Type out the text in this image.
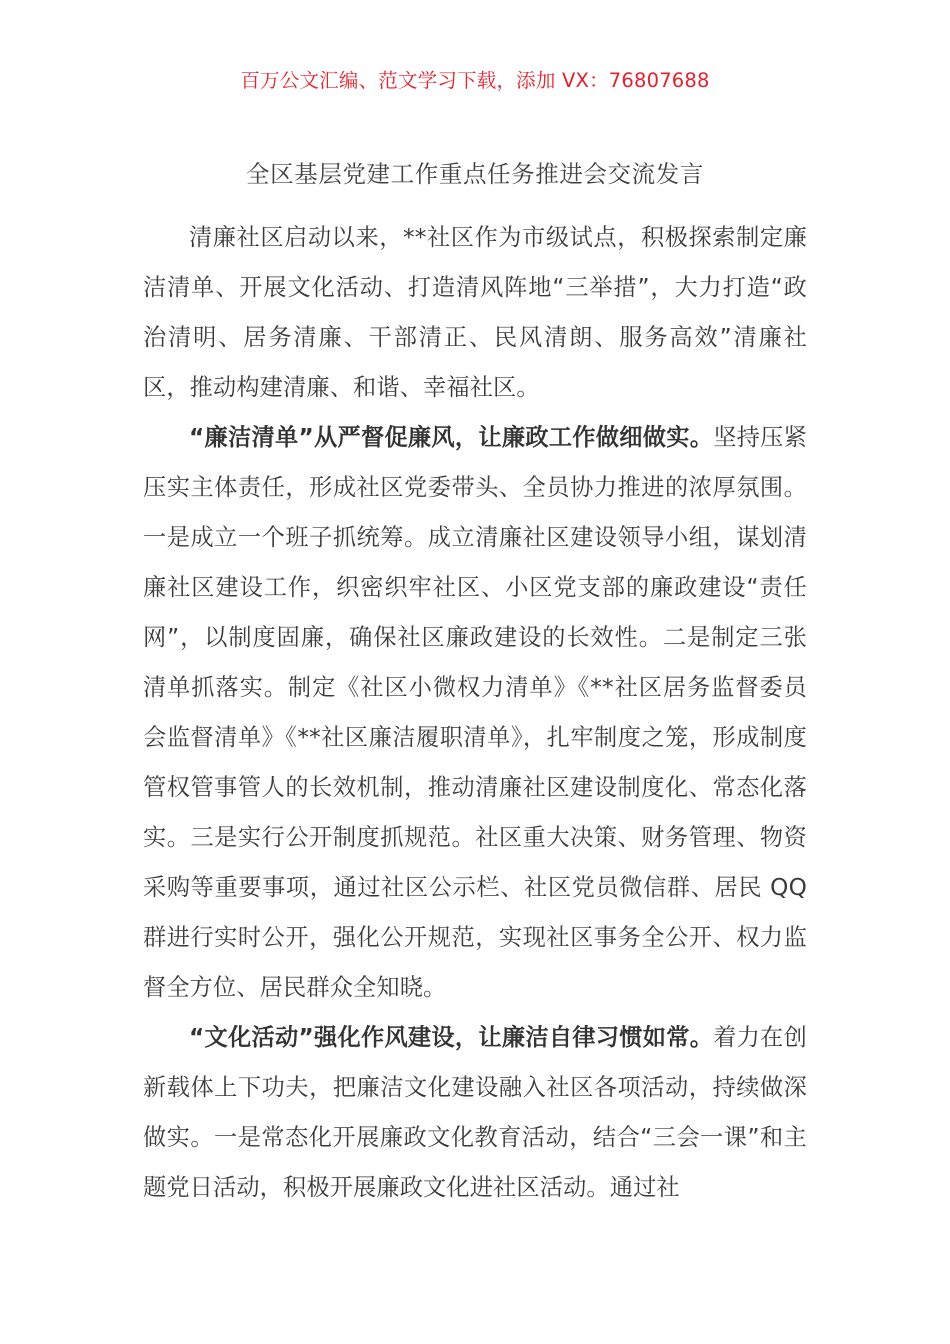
百万公文汇编、范文学习下载，添加 VX：76807688
全区基层党建工作重点任务推进会交流发言

清廉社区启动以来，**社区作为市级试点，积极探索制定廉洁清单、开展文化活动、打造清风阵地“三举措”，大力打造“政治清明、居务清廉、干部清正、民风清朗、服务高效”清廉社区，推动构建清廉、和谐、幸福社区。

“廉洁清单”从严督促廉风，让廉政工作做细做实。坚持压紧压实主体责任，形成社区党委带头、全员协力推进的浓厚氛围。一是成立一个班子抓统筹。成立清廉社区建设领导小组，谋划清廉社区建设工作，织密织牢社区、小区党支部的廉政建设“责任网”，以制度固廉，确保社区廉政建设的长效性。二是制定三张清单抓落实。制定《社区小微权力清单》《**社区居务监督委员会监督清单》《**社区廉洁履职清单》，扎牢制度之笼，形成制度管权管事管人的长效机制，推动清廉社区建设制度化、常态化落实。三是实行公开制度抓规范。社区重大决策、财务管理、物资采购等重要事项，通过社区公示栏、社区党员微信群、居民 QQ 群进行实时公开，强化公开规范，实现社区事务全公开、权力监督全方位、居民群众全知晓。

“文化活动”强化作风建设，让廉洁自律习惯如常。着力在创新载体上下功夫，把廉洁文化建设融入社区各项活动，持续做深做实。一是常态化开展廉政文化教育活动，结合“三会一课”和主题党日活动，积极开展廉政文化进社区活动。通过社
